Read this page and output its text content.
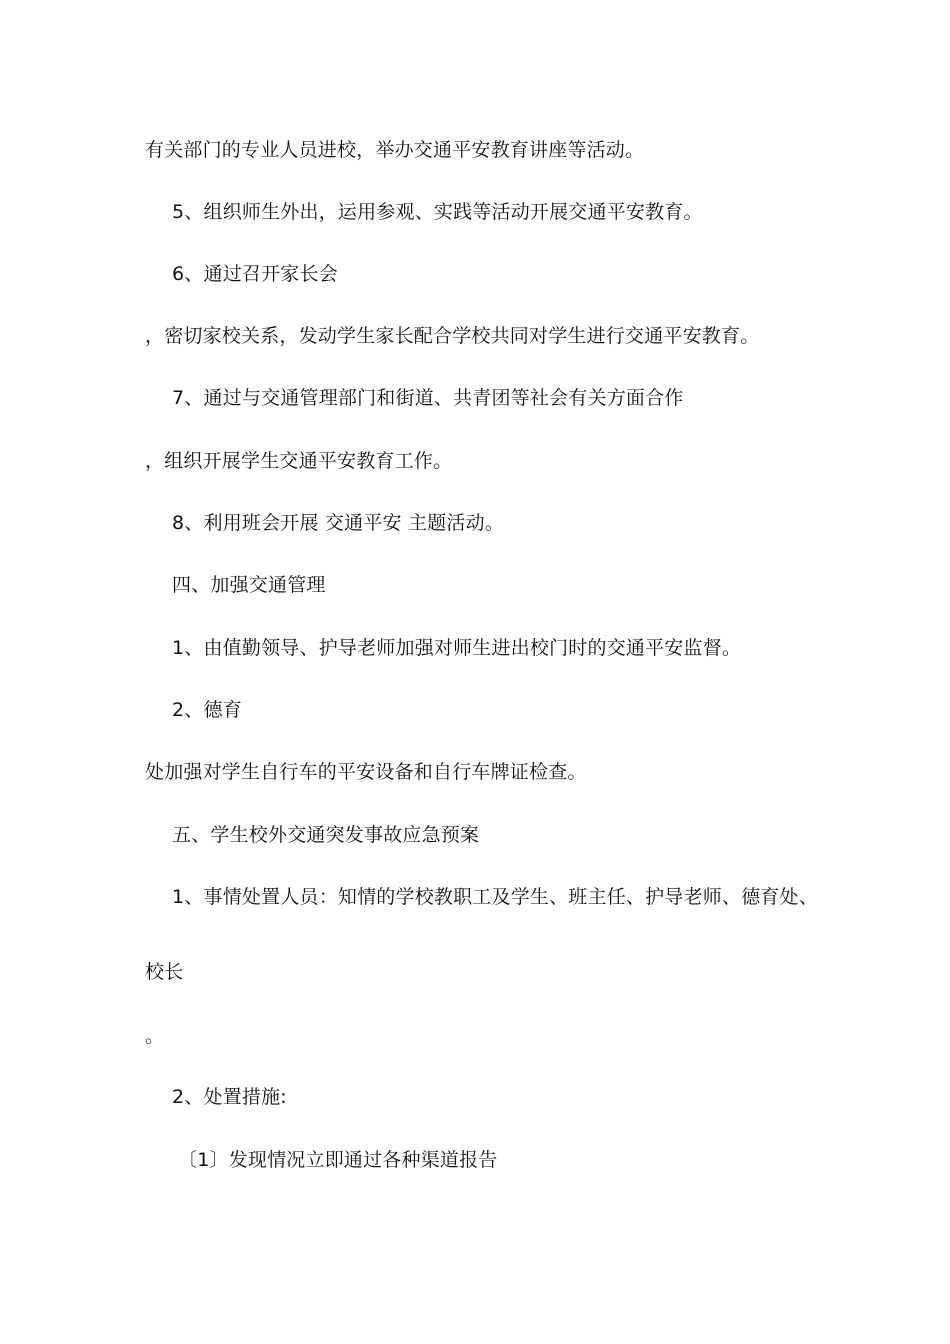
有关部门的专业人员进校，举办交通平安教育讲座等活动。
5、组织师生外出，运用参观、实践等活动开展交通平安教育。
6、通过召开家长会
，密切家校关系，发动学生家长配合学校共同对学生进行交通平安教育。
7、通过与交通管理部门和街道、共青团等社会有关方面合作
，组织开展学生交通平安教育工作。
8、利用班会开展 交通平安 主题活动。
四、加强交通管理
1、由值勤领导、护导老师加强对师生进出校门时的交通平安监督。
2、德育
处加强对学生自行车的平安设备和自行车牌证检查。
五、学生校外交通突发事故应急预案
1、事情处置人员：知情的学校教职工及学生、班主任、护导老师、德育处、
校长
。
2、处置措施:
〔1〕发现情况立即通过各种渠道报告
